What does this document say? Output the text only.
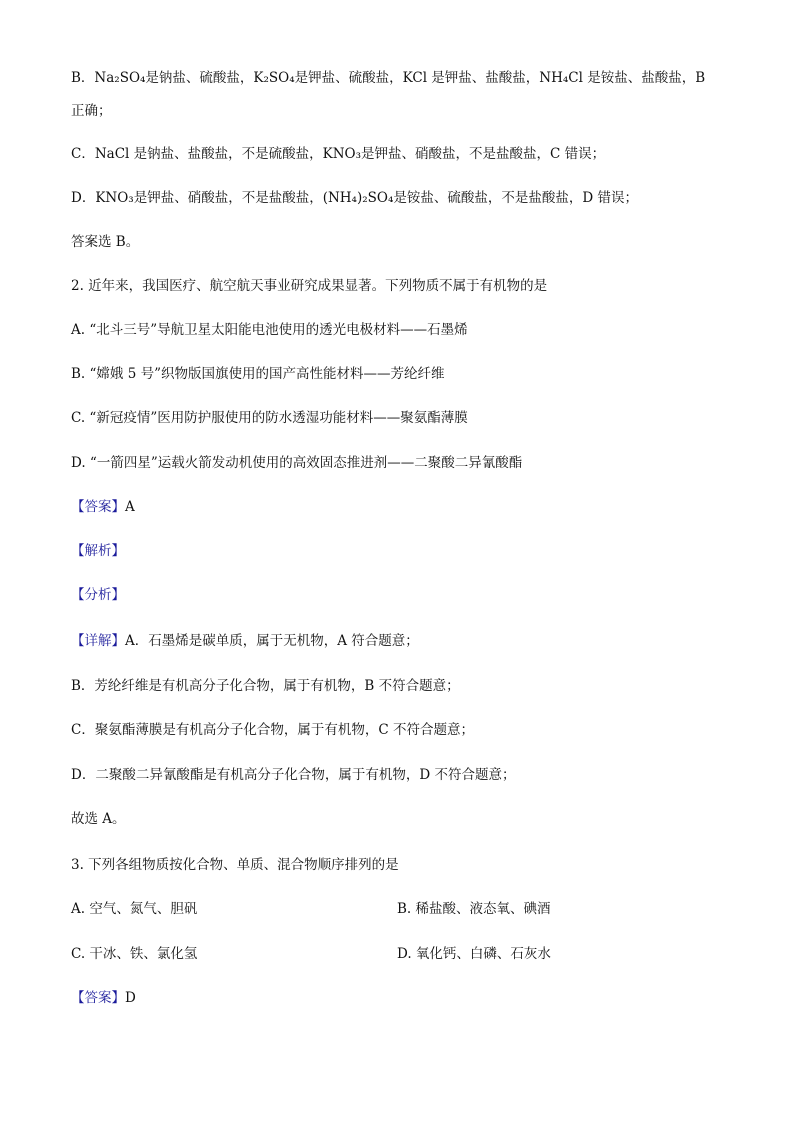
B．Na₂SO₄是钠盐、硫酸盐，K₂SO₄是钾盐、硫酸盐，KCl 是钾盐、盐酸盐，NH₄Cl 是铵盐、盐酸盐，B
正确；
C．NaCl 是钠盐、盐酸盐，不是硫酸盐，KNO₃是钾盐、硝酸盐，不是盐酸盐，C 错误；
D．KNO₃是钾盐、硝酸盐，不是盐酸盐，(NH₄)₂SO₄是铵盐、硫酸盐，不是盐酸盐，D 错误；
答案选 B。
2. 近年来，我国医疗、航空航天事业研究成果显著。下列物质不属于有机物的是
A. “北斗三号”导航卫星太阳能电池使用的透光电极材料——石墨烯
B. “嫦娥 5 号”织物版国旗使用的国产高性能材料——芳纶纤维
C. “新冠疫情”医用防护服使用的防水透湿功能材料——聚氨酯薄膜
D. “一箭四星”运载火箭发动机使用的高效固态推进剂——二聚酸二异氰酸酯
【答案】A
【解析】
【分析】
【详解】A．石墨烯是碳单质，属于无机物，A 符合题意；
B．芳纶纤维是有机高分子化合物，属于有机物，B 不符合题意；
C．聚氨酯薄膜是有机高分子化合物，属于有机物，C 不符合题意；
D．二聚酸二异氰酸酯是有机高分子化合物，属于有机物，D 不符合题意；
故选 A。
3. 下列各组物质按化合物、单质、混合物顺序排列的是
A. 空气、氮气、胆矾	B. 稀盐酸、液态氧、碘酒
C. 干冰、铁、氯化氢	D. 氧化钙、白磷、石灰水
【答案】D
